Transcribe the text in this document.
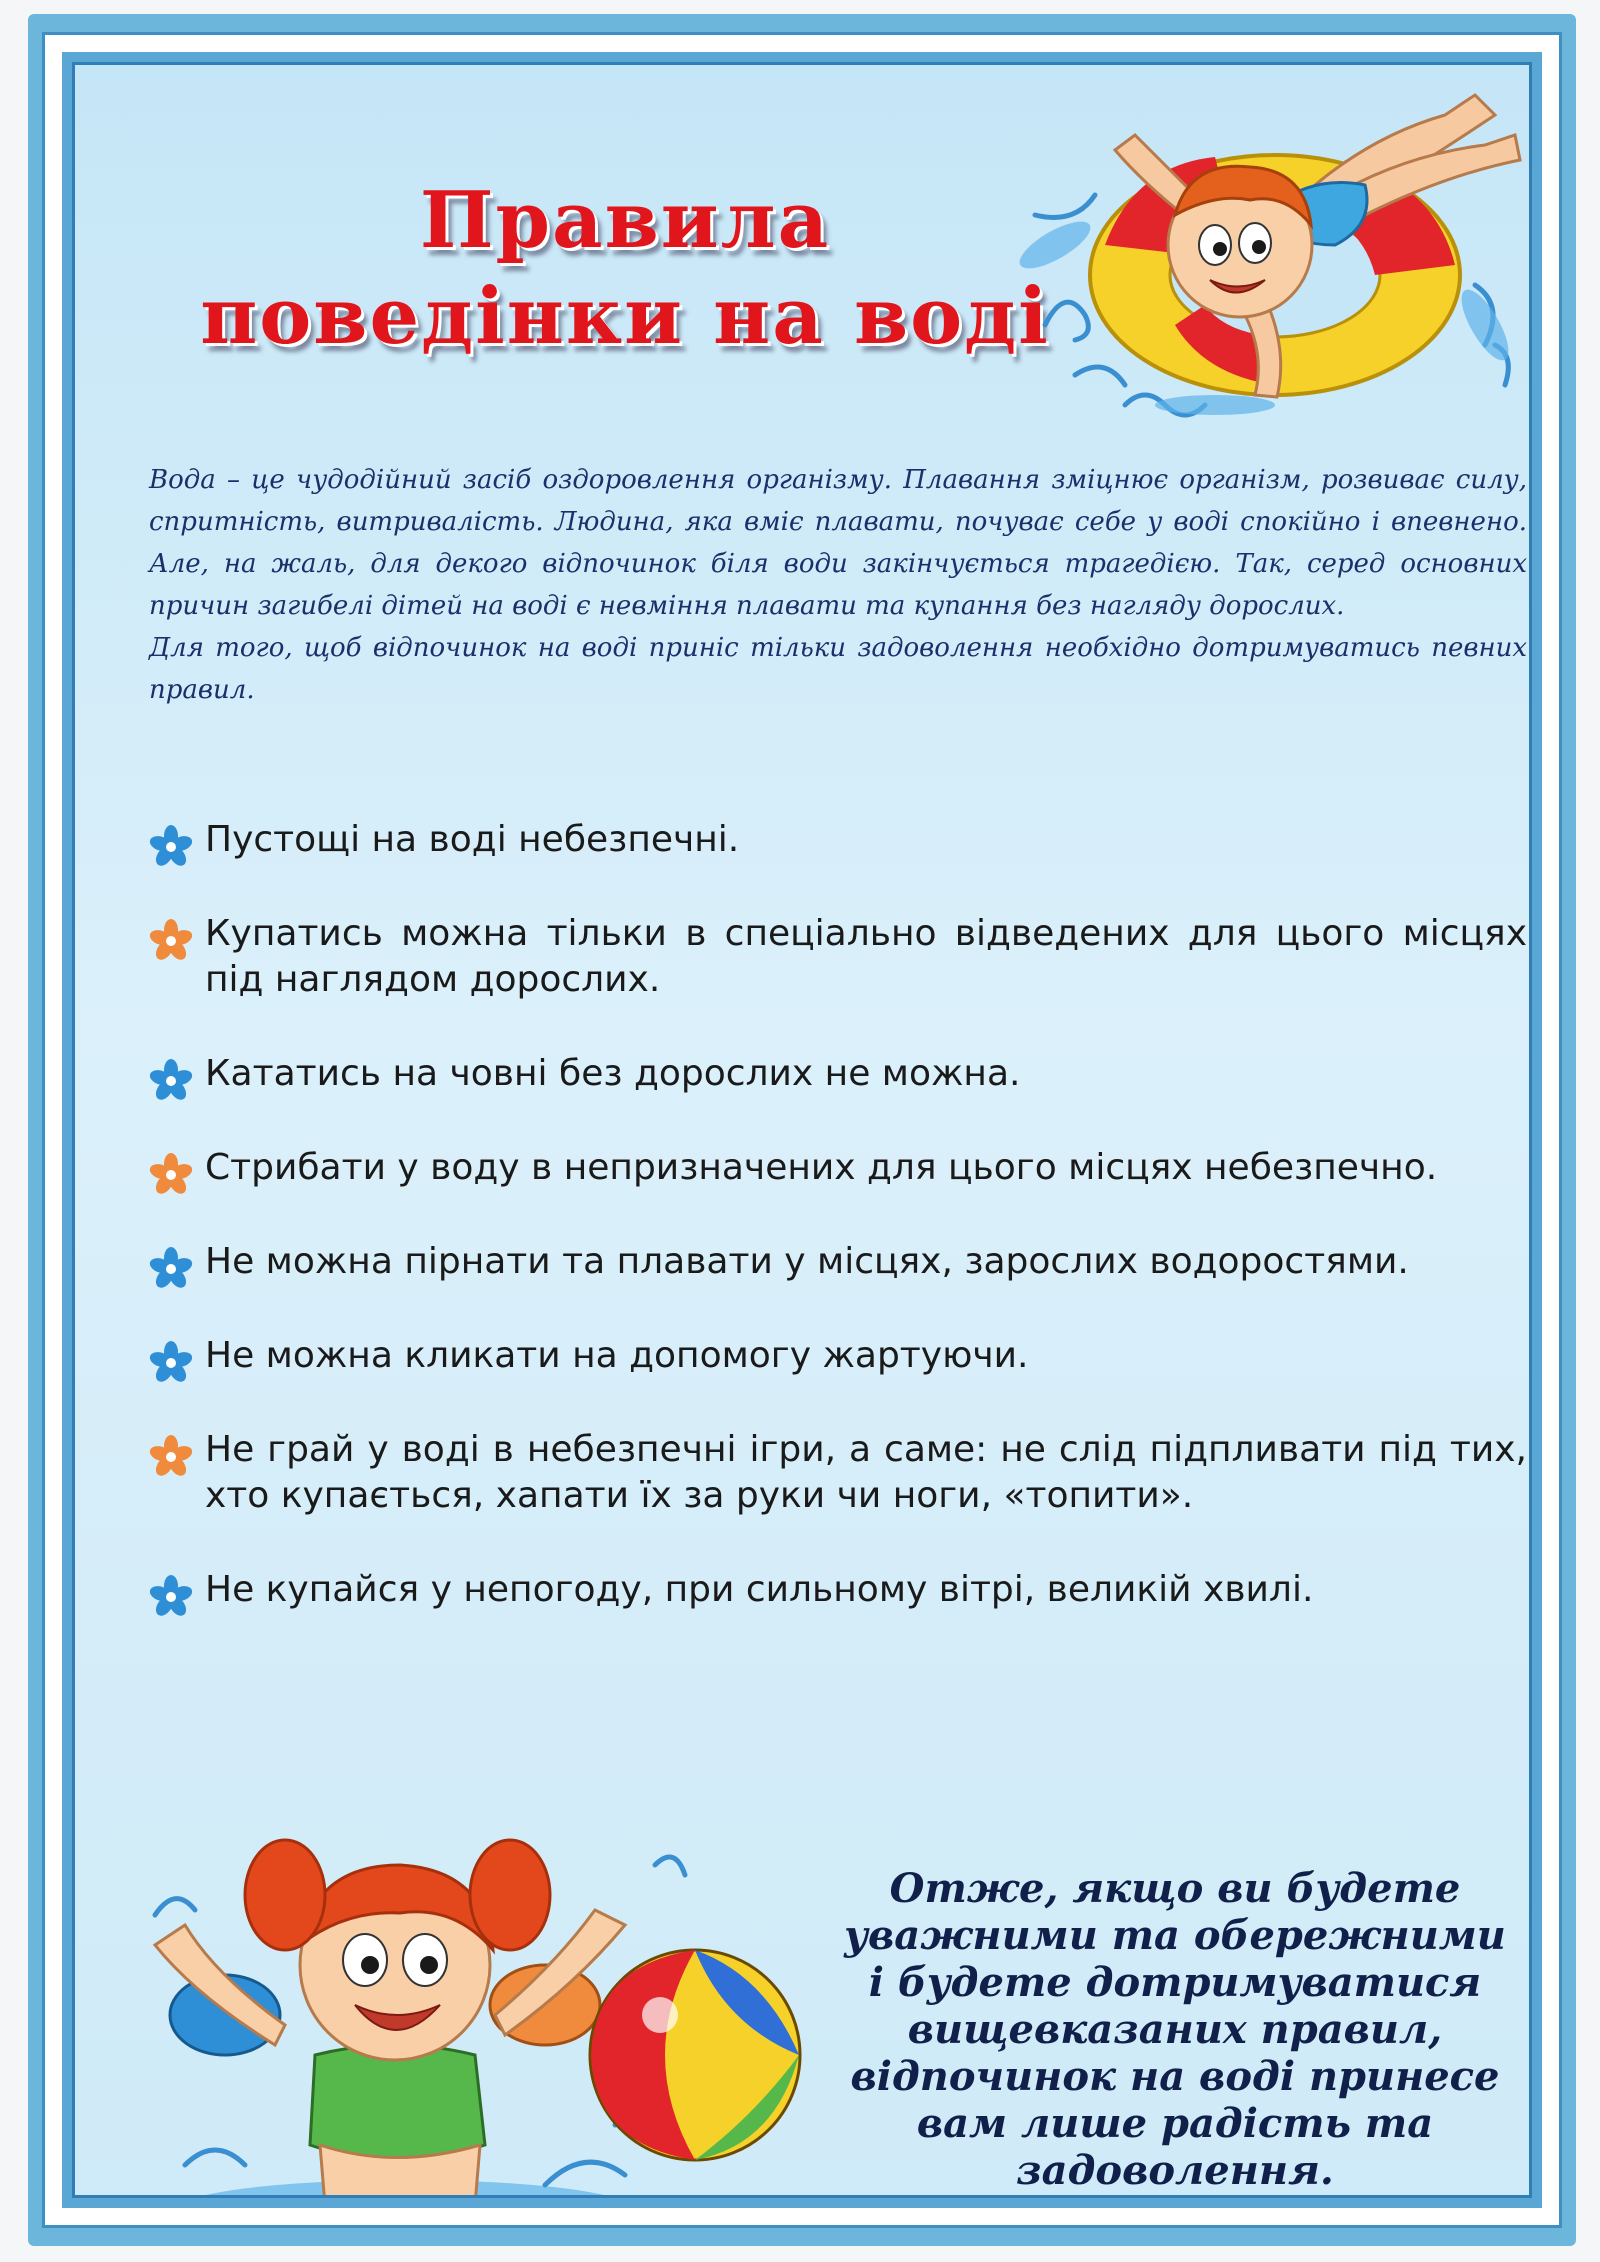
Правила
поведінки на воді

Вода – це чудодійний засіб оздоровлення організму. Плавання зміцнює організм, розвиває силу, спритність, витривалість. Людина, яка вміє плавати, почуває себе у воді спокійно і впевнено. Але, на жаль, для декого відпочинок біля води закінчується трагедією. Так, серед основних причин загибелі дітей на воді є невміння плавати та купання без нагляду дорослих.

Для того, щоб відпочинок на воді приніс тільки задоволення необхідно дотримуватись певних правил.

Пустощі на воді небезпечні.
Купатись можна тільки в спеціально відведених для цього місцях під наглядом дорослих.
Кататись на човні без дорослих не можна.
Стрибати у воду в непризначених для цього місцях небезпечно.
Не можна пірнати та плавати у місцях, зарослих водоростями.
Не можна кликати на допомогу жартуючи.
Не грай у воді в небезпечні ігри, а саме: не слід підпливати під тих, хто купається, хапати їх за руки чи ноги, «топити».
Не купайся у непогоду, при сильному вітрі, великій хвилі.
Отже, якщо ви будете
уважними та обережними
і будете дотримуватися
вищевказаних правил,
відпочинок на воді принесе
вам лише радість та
задоволення.
